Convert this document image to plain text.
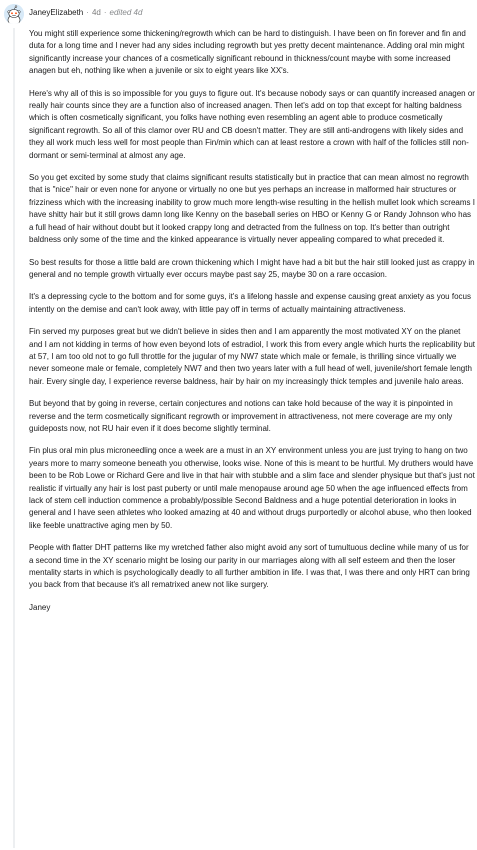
JaneyElizabeth · 4d · edited 4d

You might still experience some thickening/regrowth which can be hard to distinguish. I have been on fin forever and fin and duta for a long time and I never had any sides including regrowth but yes pretty decent maintenance. Adding oral min might significantly increase your chances of a cosmetically significant rebound in thickness/count maybe with some increased anagen but eh, nothing like when a juvenile or six to eight years like XX's.

Here's why all of this is so impossible for you guys to figure out. It's because nobody says or can quantify increased anagen or really hair counts since they are a function also of increased anagen. Then let's add on top that except for halting baldness which is often cosmetically significant, you folks have nothing even resembling an agent able to produce cosmetically significant regrowth. So all of this clamor over RU and CB doesn't matter. They are still anti-androgens with likely sides and they all work much less well for most people than Fin/min which can at least restore a crown with half of the follicles still non-dormant or semi-terminal at almost any age.

So you get excited by some study that claims significant results statistically but in practice that can mean almost no regrowth that is "nice" hair or even none for anyone or virtually no one but yes perhaps an increase in malformed hair structures or frizziness which with the increasing inability to grow much more length-wise resulting in the hellish mullet look which screams I have shitty hair but it still grows damn long like Kenny on the baseball series on HBO or Kenny G or Randy Johnson who has a full head of hair without doubt but it looked crappy long and detracted from the fullness on top. It's better than outright baldness only some of the time and the kinked appearance is virtually never appealing compared to what preceded it.

So best results for those a little bald are crown thickening which I might have had a bit but the hair still looked just as crappy in general and no temple growth virtually ever occurs maybe past say 25, maybe 30 on a rare occasion.

It's a depressing cycle to the bottom and for some guys, it's a lifelong hassle and expense causing great anxiety as you focus intently on the demise and can't look away, with little pay off in terms of actually maintaining attractiveness.

Fin served my purposes great but we didn't believe in sides then and I am apparently the most motivated XY on the planet and I am not kidding in terms of how even beyond lots of estradiol, I work this from every angle which hurts the replicability but at 57, I am too old not to go full throttle for the jugular of my NW7 state which male or female, is thrilling since virtually we never someone male or female, completely NW7 and then two years later with a full head of well, juvenile/short female length hair. Every single day, I experience reverse baldness, hair by hair on my increasingly thick temples and juvenile halo areas.

But beyond that by going in reverse, certain conjectures and notions can take hold because of the way it is pinpointed in reverse and the term cosmetically significant regrowth or improvement in attractiveness, not mere coverage are my only guideposts now, not RU hair even if it does become slightly terminal.

Fin plus oral min plus microneedling once a week are a must in an XY environment unless you are just trying to hang on two years more to marry someone beneath you otherwise, looks wise. None of this is meant to be hurtful. My druthers would have been to be Rob Lowe or Richard Gere and live in that hair with stubble and a slim face and slender physique but that's just not realistic if virtually any hair is lost past puberty or until male menopause around age 50 when the age influenced effects from lack of stem cell induction commence a probably/possible Second Baldness and a huge potential deterioration in looks in general and I have seen athletes who looked amazing at 40 and without drugs purportedly or alcohol abuse, who then looked like feeble unattractive aging men by 50.

People with flatter DHT patterns like my wretched father also might avoid any sort of tumultuous decline while many of us for a second time in the XY scenario might be losing our parity in our marriages along with all self esteem and then the loser mentality starts in which is psychologically deadly to all further ambition in life. I was that, I was there and only HRT can bring you back from that because it's all rematrixed anew not like surgery.

Janey
